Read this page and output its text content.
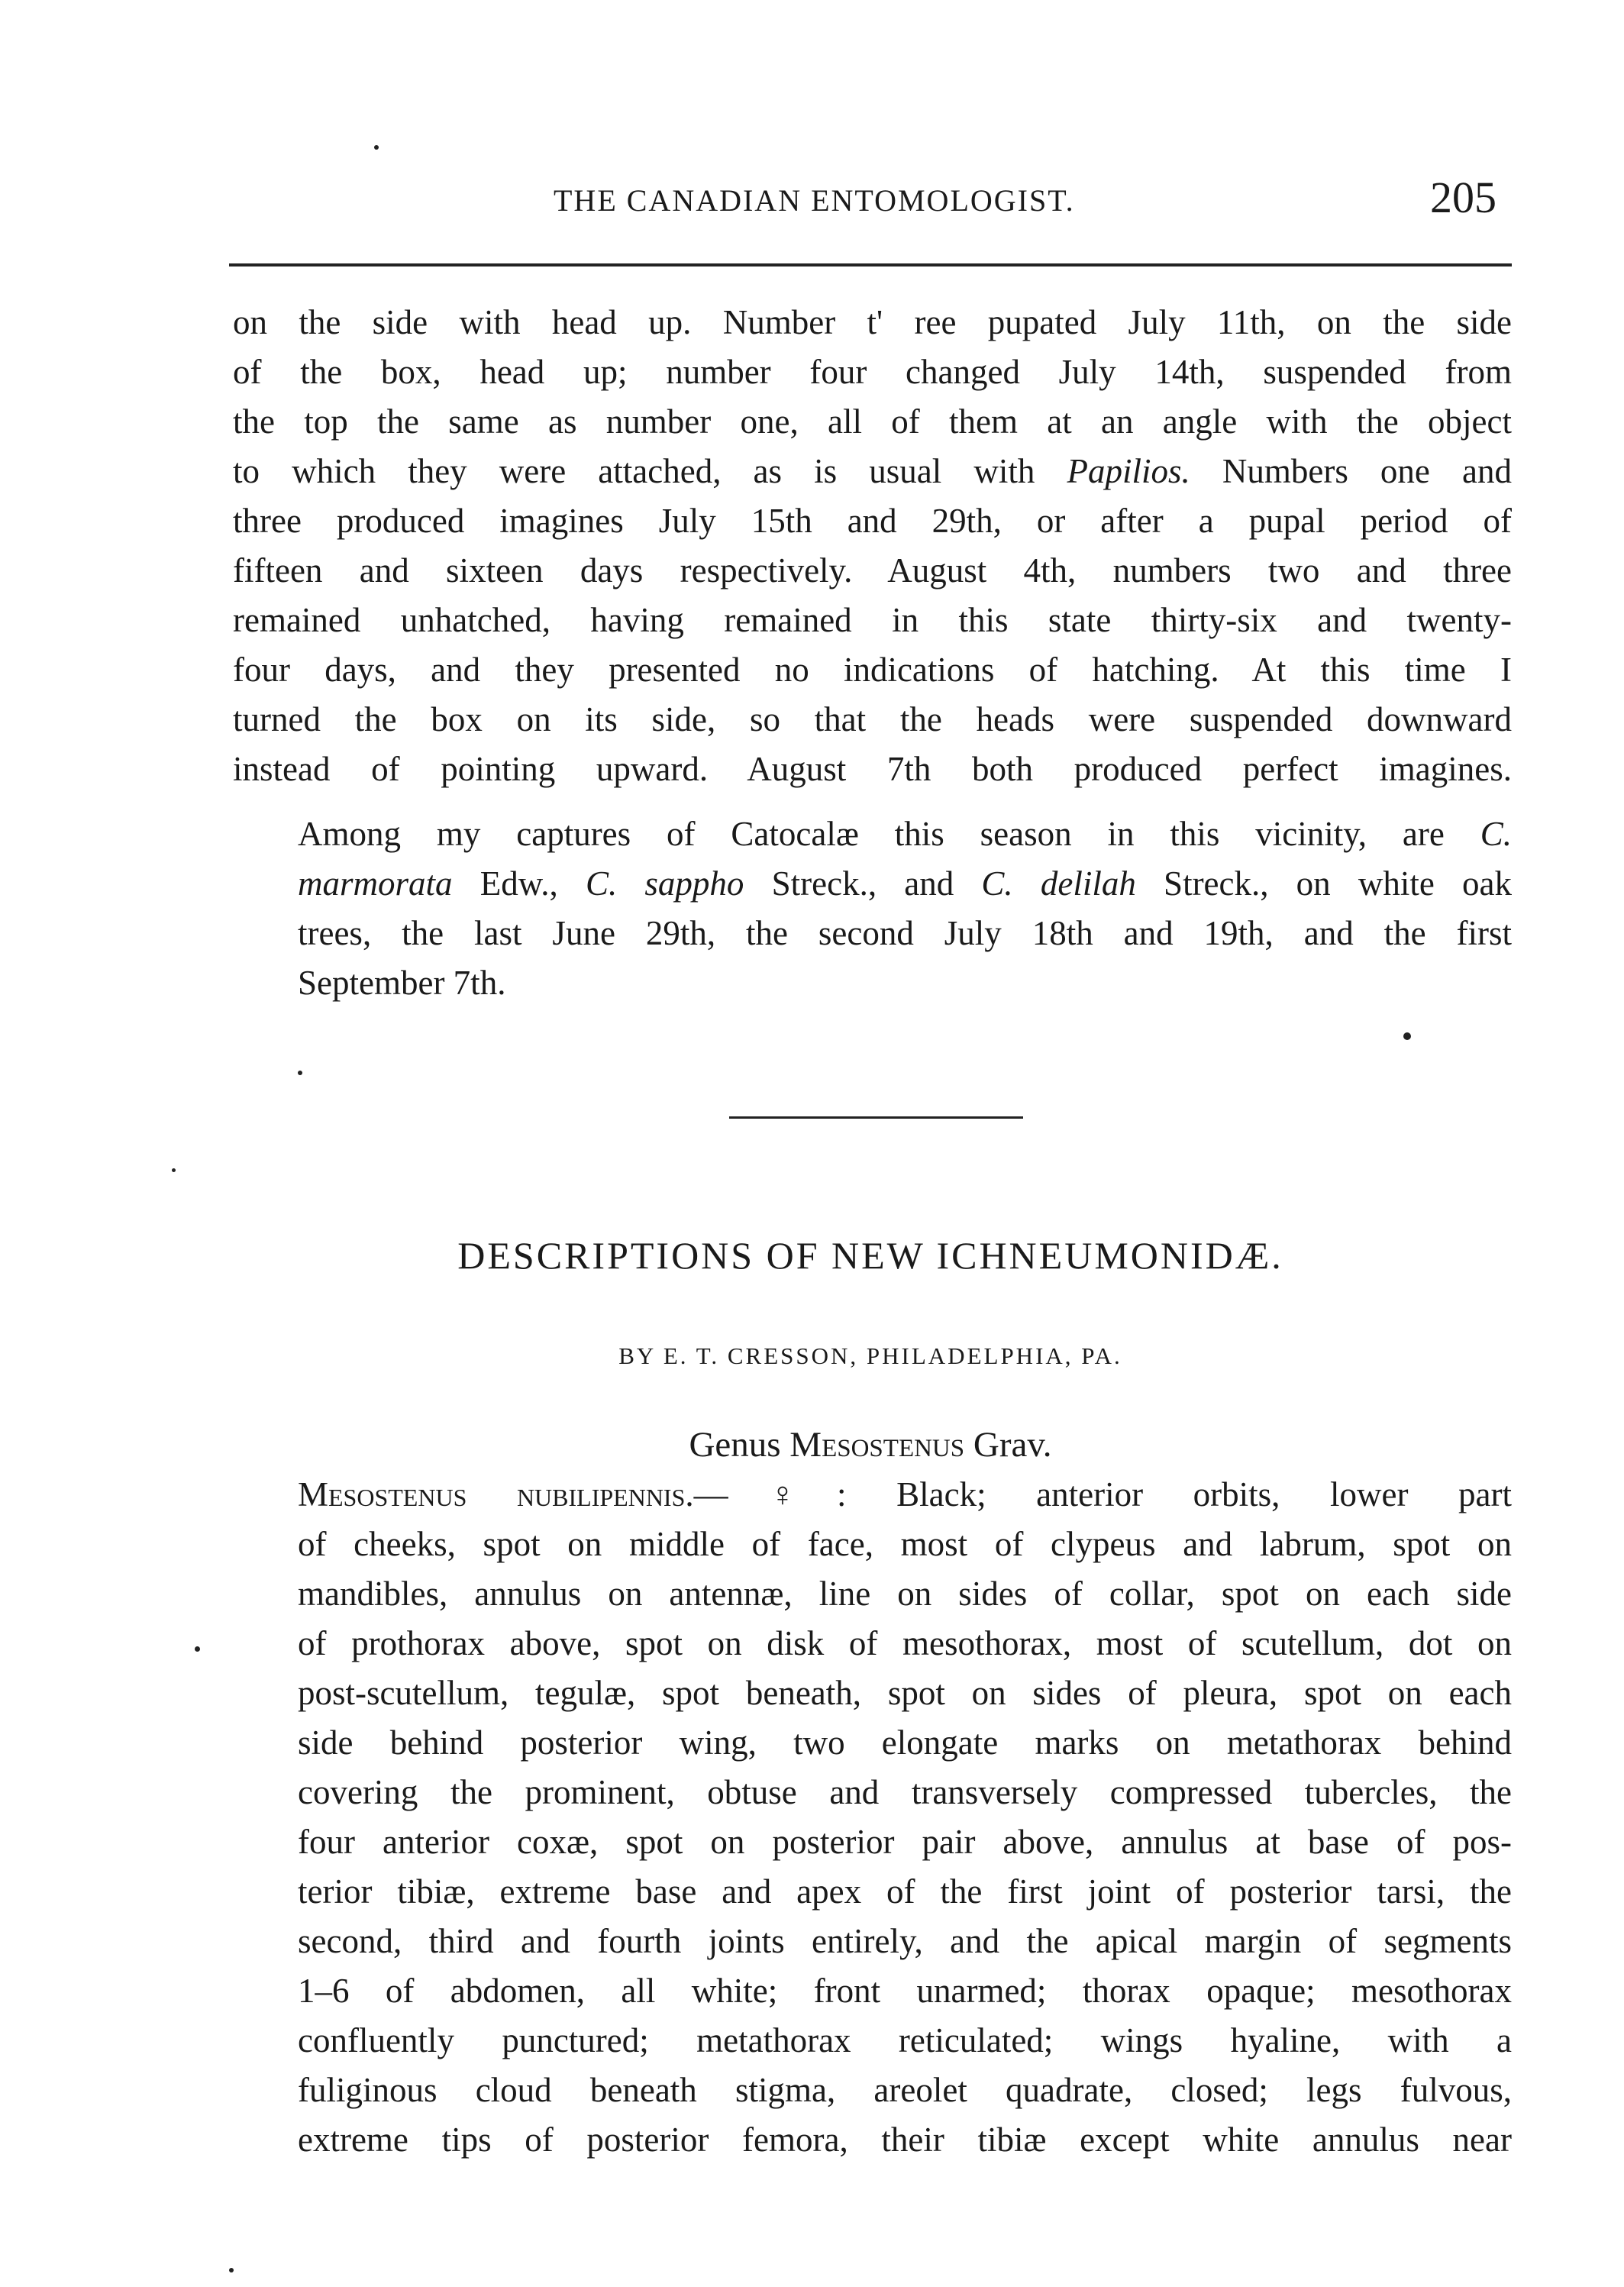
THE CANADIAN ENTOMOLOGIST.	205
on the side with head up. Number t' ree pupated July 11th, on the side
of the box, head up; number four changed July 14th, suspended from
the top the same as number one, all of them at an angle with the object
to which they were attached, as is usual with Papilios. Numbers one and
three produced imagines July 15th and 29th, or after a pupal period of
fifteen and sixteen days respectively. August 4th, numbers two and three
remained unhatched, having remained in this state thirty-six and twenty-
four days, and they presented no indications of hatching. At this time I
turned the box on its side, so that the heads were suspended downward
instead of pointing upward. August 7th both produced perfect imagines.
Among my captures of Catocalæ this season in this vicinity, are C.
marmorata Edw., C. sappho Streck., and C. delilah Streck., on white oak
trees, the last June 29th, the second July 18th and 19th, and the first
September 7th.
DESCRIPTIONS OF NEW ICHNEUMONIDÆ.
BY E. T. CRESSON, PHILADELPHIA, PA.
Genus Mesostenus Grav.
Mesostenus nubilipennis.—♀: Black; anterior orbits, lower part
of cheeks, spot on middle of face, most of clypeus and labrum, spot on
mandibles, annulus on antennæ, line on sides of collar, spot on each side
of prothorax above, spot on disk of mesothorax, most of scutellum, dot on
post-scutellum, tegulæ, spot beneath, spot on sides of pleura, spot on each
side behind posterior wing, two elongate marks on metathorax behind
covering the prominent, obtuse and transversely compressed tubercles, the
four anterior coxæ, spot on posterior pair above, annulus at base of pos-
terior tibiæ, extreme base and apex of the first joint of posterior tarsi, the
second, third and fourth joints entirely, and the apical margin of segments
1–6 of abdomen, all white; front unarmed; thorax opaque; mesothorax
confluently punctured; metathorax reticulated; wings hyaline, with a
fuliginous cloud beneath stigma, areolet quadrate, closed; legs fulvous,
extreme tips of posterior femora, their tibiæ except white annulus near
